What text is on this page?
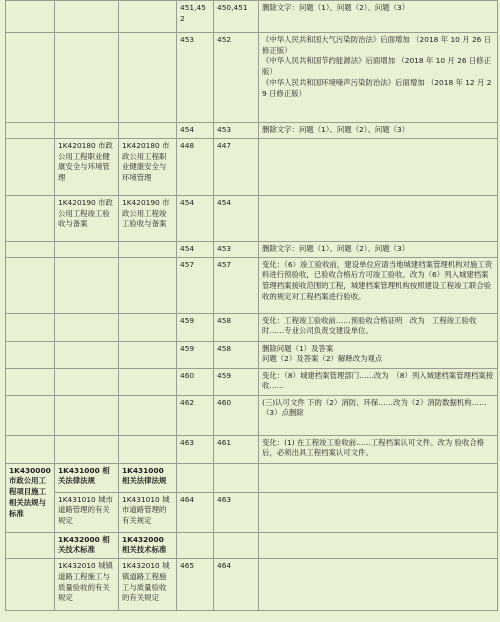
			451,452	450,451	删除文字：问题（1）、问题（2）、问题（3）
			453	452	《中华人民共和国大气污染防治法》后面增加 （2018 年 10 月 26 日修正版）
《中华人民共和国节约能源法》后面增加 （2018 年 10 月 26 日修正版）
《中华人民共和国环境噪声污染防治法》后面增加 （2018 年 12 月 29 日修正版）

			454	453	删除文字：问题（1）、问题（2）、问题（3）
	1K420180 市政公用工程职业健康安全与环境管理	1K420180 市政公用工程职业健康安全与环境管理	448	447	
	1K420190 市政公用工程竣工验收与备案	1K420190 市政公用工程竣工验收与备案	454	454	
			454	453	删除文字：问题（1）、问题（2）、问题（3）
			457	457	变化：（6）竣工验收前，建设单位应请当地城建档案管理机构对施工资料进行预验收，已验收合格后方可竣工验收。改为（6）列入城建档案管理档案接收范围的工程，城建档案管理机构按照建设工程竣工联合验收的规定对工程档案进行验收。
			459	458	变化：工程竣工验收前……预验收合格证明　改为　工程竣工验收时……专业公司负责交建设单位。
			459	458	删除问题（1）及答案
问题（2）及答案（2）解释改为观点

			460	459	变化：（8）城建档案管理部门……改为　（8）列入城建档案管理档案接收……
			462	460	(三)认可文件 下的（2）消防、环保……改为（2）消防数据机构……（3）点删除
			463	461	变化：(1) 在工程竣工验收前……工程档案认可文件。改为 验收合格后，必须出具工程档案认可文件。
1K430000 市政公用工程项目施工相关法规与标准	1K431000 相关法律法规	1K431000 相关法律法规			
	1K431010 城市道路管理的有关规定	1K431010 城市道路管理的有关规定	464	463	
	1K432000 相关技术标准	1K432000 相关技术标准			
	1K432010 城镇道路工程施工与质量验收的有关规定	1K432010 城镇道路工程施工与质量验收的有关规定	465	464	
